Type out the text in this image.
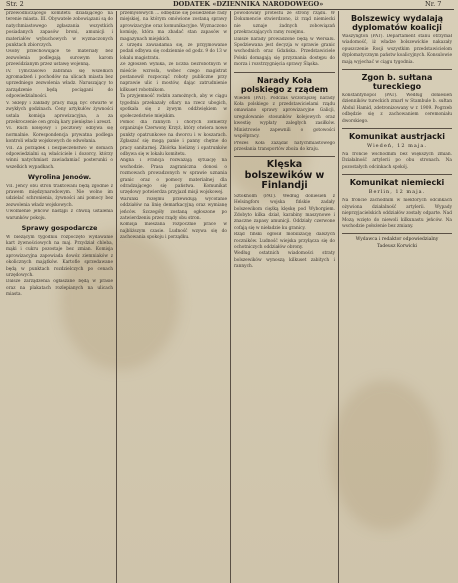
Str. 2	DODATEK «DZIENNIKA NARODOWEGO»	Nr. 7

przewodniczącego komitetu działającego na terenie miasta. III. Obywatele zobowiązani są do natychmiastowego zgłaszania wszystkich posiadanych zapasów broni, amunicji i materiałów wybuchowych w wyznaczonych punktach zbiorczych.

Osoby przechowujące te materiały bez zezwolenia podlegają surowym karom przewidzianym przez ustawę wojenną.

IV. Tymczasowo zabrania się wszelkich zgromadzeń i pochodów na ulicach miasta bez uprzedniego zezwolenia władz. Naruszający to zarządzenie będą pociągani do odpowiedzialności.

V. Sklepy i zakłady pracy mają być otwarte w zwykłych godzinach. Ceny artykułów żywności ustala komisja aprowizacyjna, a za przekroczenie cen grożą kary pieniężne i areszt.

VI. Ruch kolejowy i pocztowy odbywa się normalnie. Korespondencja prywatna podlega kontroli władz wojskowych do odwołania.

VII. Za porządek i bezpieczeństwo w domach odpowiedzialni są właściciele i dozorcy, którzy winni natychmiast zawiadamiać posterunki o wszelkich wypadkach.

Wyrolina Jenoów.

VII. Jeńcy obu stron traktowani będą zgodnie z prawem międzynarodowym. Nie wolno im udzielać schronienia, żywności ani pomocy bez zezwolenia władz wojskowych.

Uwolnienie jeńców nastąpi z chwilą ustalenia warunków pokoju.

Sprawy gospodarcze

W bieżącym tygodniu rozpoczęto wydawanie kart żywnościowych na maj. Przydział chleba, mąki i cukru pozostaje bez zmian. Komisja aprowizacyjna zapowiada dowóz ziemniaków z okolicznych majątków. Kartofle sprzedawane będą w punktach rozdzielczych po cenach urzędowych.

Dalsze zarządzenia ogłaszane będą w prasie oraz na plakatach rozlepianych na ulicach miasta.

przemysłowych ... odbędzie się posiedzenie rady miejskiej, na którym omówione zostaną sprawy aprowizacyjne oraz komunikacyjne. Wyznaczono komisję, która ma zbadać stan zapasów w magazynach miejskich.

Z urzędu zawiadamia się, że przyjmowanie podań odbywa się codziennie od godz. 9 do 13 w lokalu magistratu.

Ze zgłoszeń wynika, że liczba bezrobotnych w mieście wzrosła, wobec czego magistrat postanowił rozpocząć roboty publiczne przy naprawie ulic i mostów, dając zatrudnienie kilkuset robotnikom.

Ta przyjemność rodzin zamożnych, aby w ciągu tygodnia przekazały ofiary na rzecz ubogich, spotkała się z żywym oddźwiękiem w społeczeństwie miejskim.

Pomoc dla rannych i chorych żołnierzy organizuje Czerwony Krzyż, który otwiera nowe punkty opatrunkowe na dworcu i w koszarach. Zgłaszać się mogą panie i panny chętne do pracy sanitarnej. Zbiórka bielizny i opatrunków odbywa się w lokalu komitetu.

Anglia i Francja rozważają sytuację na wschodzie. Prasa zagraniczna donosi o rozmowach prowadzonych w sprawie uznania granic oraz o pomocy materialnej dla odradzającego się państwa. Komunikat urzędowy potwierdza przyjazd misji wojskowej.

Warunki rozejmu przewidują wycofanie oddziałów na linię demarkacyjną oraz wymianę jeńców. Szczegóły zostaną ogłoszone po zatwierdzeniu przez rządy obu stron.

Komisja mieszana rozpocznie prace w najbliższym czasie. Ludność wzywa się do zachowania spokoju i porządku.

powodowały protestu ze strony rządu. W Dokumencie stwierdzono, iż rząd niemiecki nie uznaje żadnych zobowiązań przekraczających ramy rozejmu.

Dalsze narady prowadzone będą w Wersalu. Spodziewana jest decyzja w sprawie granic wschodnich oraz Gdańska. Przedstawiciele Polski domagają się przyznania dostępu do morza i rozstrzygnięcia sprawy Śląska.

Narady Koła polskiego z rządem

Wiedeń (PAT). Podczas wczorajszej narady Koła polskiego z przedstawicielami rządu omawiano sprawy aprowizacyjne Galicji, uregulowanie stosunków kolejowych oraz kwestię wypłaty zaległych zasiłków. Ministrowie zapewnili o gotowości współpracy.

Prezes Koła zażądał natychmiastowego przesłania transportów zboża do kraju.

Klęska bolszewików w Finlandji

Sztokholm (PAT). Według doniesień z Helsingfors wojska fińskie zadały bolszewikom ciężką klęskę pod Wyborgiem. Zdobyto kilka dział, karabiny maszynowe i znaczne zapasy amunicji. Oddziały czerwone cofają się w nieładzie ku granicy.

Rząd fiński ogłosił mobilizację dalszych roczników. Ludność wiejska przyłącza się do ochotniczych oddziałów obrony.

Według ostatnich wiadomości straty bolszewików wynoszą kilkuset zabitych i rannych.

Bolszewicy wydalają dyplomatów koalicji

Waszyngton (PAT). Departament stanu otrzymał wiadomość, iż władze bolszewickie nakazały opuszczenie Rosji wszystkim przedstawicielom dyplomatycznym państw koalicyjnych. Konsulowie mają wyjechać w ciągu tygodnia.

Zgon b. sułtana tureckiego

Konstantynopol (PAT). Według doniesień dzienników tureckich zmarł w Stambule b. sułtan Abdul Hamid, zdetronizowany w r. 1909. Pogrzeb odbędzie się z zachowaniem ceremoniału dworskiego.

Komunikat austrjacki
Wiedeń, 12 maja.

Na froncie wschodnim bez większych zmian. Działalność artylerii po obu stronach. Na pozostałych odcinkach spokój.

Komunikat niemiecki
Berlin, 12 maja.

Na froncie zachodnim w niektórych odcinkach ożywiona działalność artylerii. Wypady nieprzyjacielskich oddziałów zostały odparte. Nad Mozą wzięto do niewoli kilkunastu jeńców. Na wschodzie położenie bez zmiany.

Wydawca i redaktor odpowiedzialny

Tadeusz Korwicki
